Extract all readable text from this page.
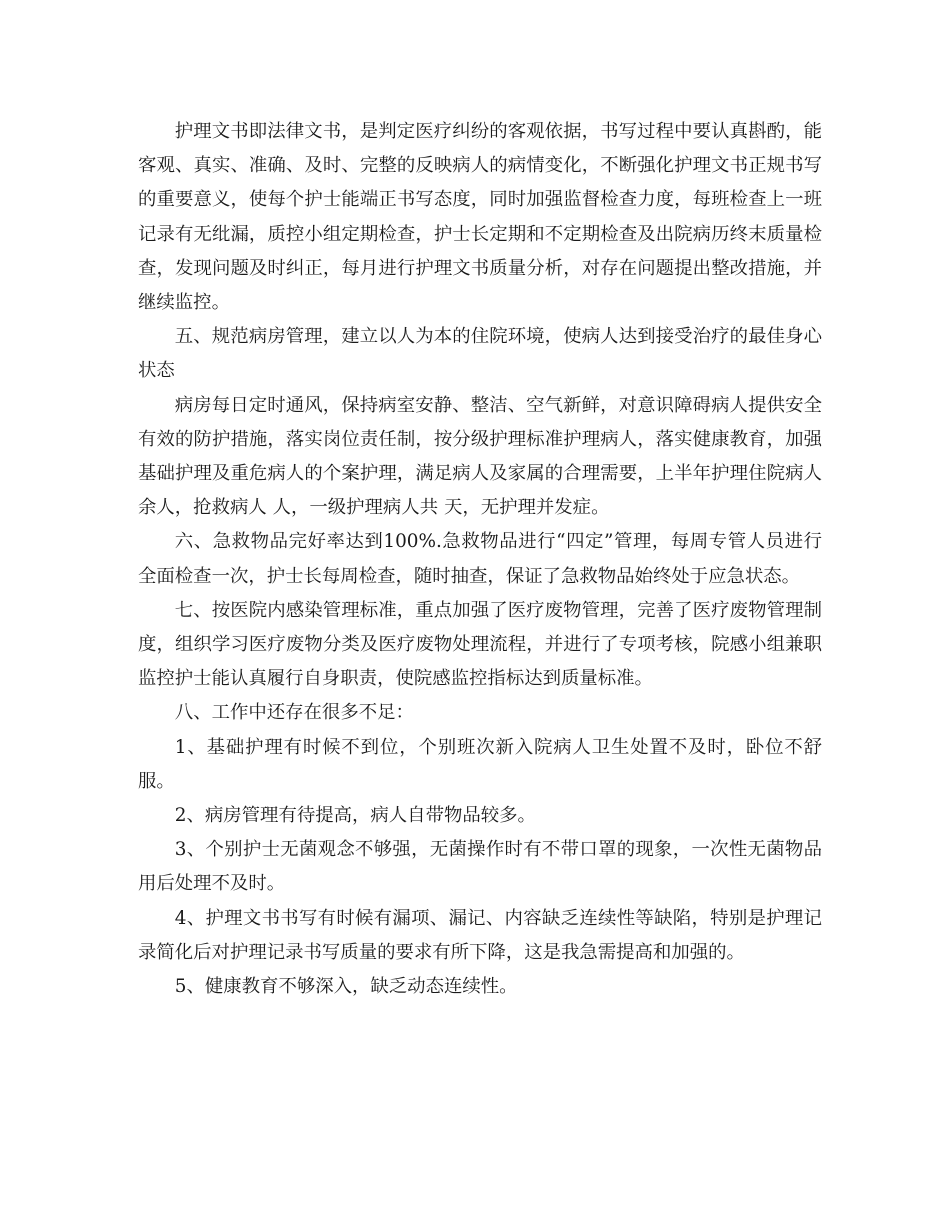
护理文书即法律文书，是判定医疗纠纷的客观依据，书写过程中要认真斟酌，能客观、真实、准确、及时、完整的反映病人的病情变化，不断强化护理文书正规书写的重要意义，使每个护士能端正书写态度，同时加强监督检查力度，每班检查上一班记录有无纰漏，质控小组定期检查，护士长定期和不定期检查及出院病历终末质量检查，发现问题及时纠正，每月进行护理文书质量分析，对存在问题提出整改措施，并继续监控。

五、规范病房管理，建立以人为本的住院环境，使病人达到接受治疗的最佳身心状态

病房每日定时通风，保持病室安静、整洁、空气新鲜，对意识障碍病人提供安全有效的防护措施，落实岗位责任制，按分级护理标准护理病人，落实健康教育，加强基础护理及重危病人的个案护理，满足病人及家属的合理需要，上半年护理住院病人 余人，抢救病人 人，一级护理病人共 天，无护理并发症。

六、急救物品完好率达到100%.急救物品进行“四定”管理，每周专管人员进行全面检查一次，护士长每周检查，随时抽查，保证了急救物品始终处于应急状态。

七、按医院内感染管理标准，重点加强了医疗废物管理，完善了医疗废物管理制度，组织学习医疗废物分类及医疗废物处理流程，并进行了专项考核，院感小组兼职监控护士能认真履行自身职责，使院感监控指标达到质量标准。

八、工作中还存在很多不足：

1、基础护理有时候不到位，个别班次新入院病人卫生处置不及时，卧位不舒服。

2、病房管理有待提高，病人自带物品较多。

3、个别护士无菌观念不够强，无菌操作时有不带口罩的现象，一次性无菌物品用后处理不及时。

4、护理文书书写有时候有漏项、漏记、内容缺乏连续性等缺陷，特别是护理记录简化后对护理记录书写质量的要求有所下降，这是我急需提高和加强的。

5、健康教育不够深入，缺乏动态连续性。
